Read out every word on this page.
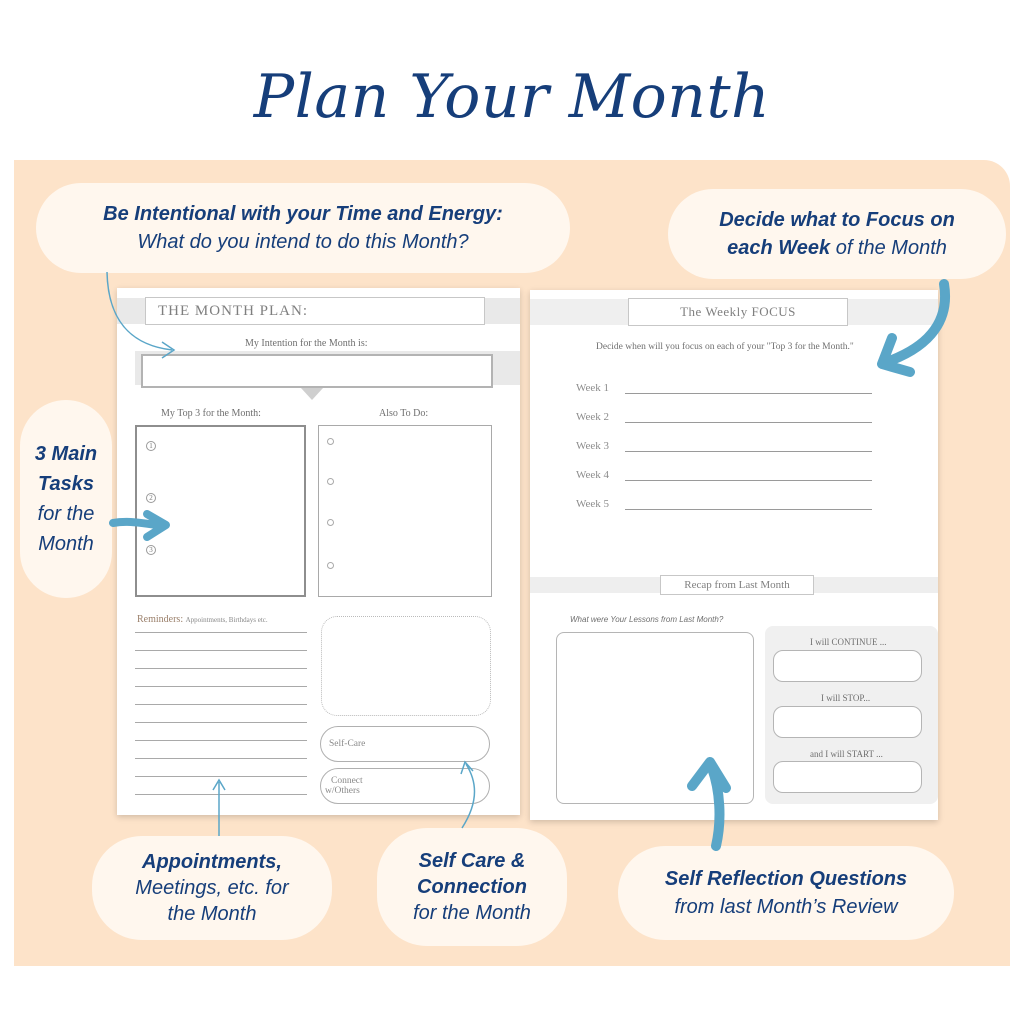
Plan Your Month
THE MONTH PLAN:
My Intention for the Month is:
My Top 3 for the Month:	Also To Do:
1
2
3
Reminders: Appointments, Birthdays etc.
Self-Care
Connect
w/Others
The Weekly FOCUS
Decide when will you focus on each of your "Top 3 for the Month."
Week 1
Week 2
Week 3
Week 4
Week 5
Recap from Last Month
What were Your Lessons from Last Month?
I will CONTINUE ...
I will STOP...
and I will START ...
Be Intentional with your Time and Energy:
What do you intend to do this Month?
Decide what to Focus on
each Week of the Month
3 Main
Tasks
for the
Month
Appointments,
Meetings, etc. for
the Month
Self Care &
Connection
for the Month
Self Reflection Questions
from last Month’s Review
